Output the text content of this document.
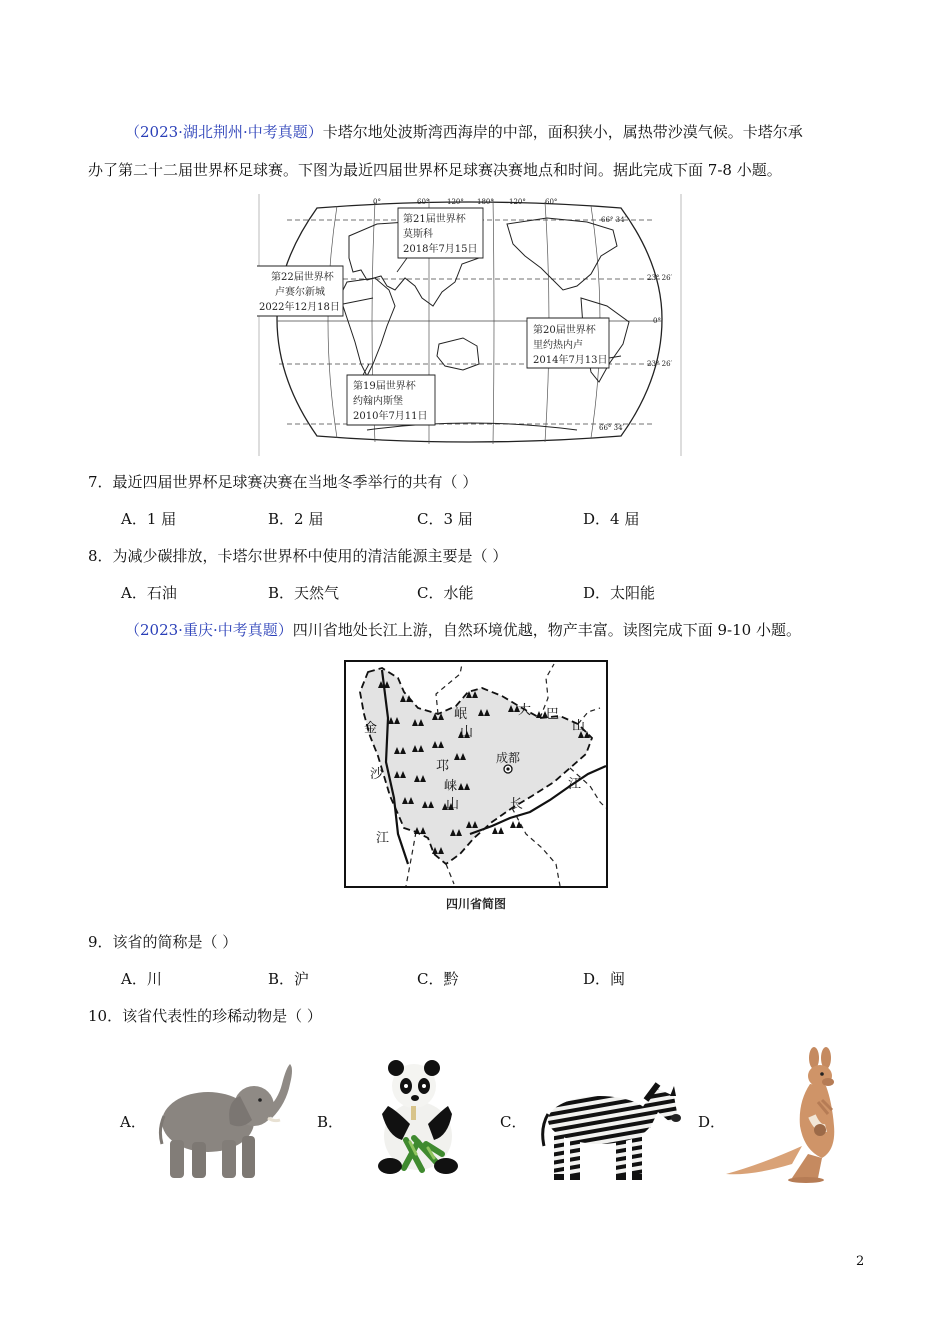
（2023·湖北荆州·中考真题）卡塔尔地处波斯湾西海岸的中部，面积狭小，属热带沙漠气候。卡塔尔承
办了第二十二届世界杯足球赛。下图为最近四届世界杯足球赛决赛地点和时间。据此完成下面 7-8 小题。
0°	60°	120° 180° 120°	60°
66° 34′
23° 26′
0°
23° 26′
66° 34′
第21届世界杯
莫斯科
2018年7月15日
第22届世界杯
卢赛尔新城
2022年12月18日
第20届世界杯
里约热内卢
2014年7月13日
第19届世界杯
约翰内斯堡
2010年7月11日
7．最近四届世界杯足球赛决赛在当地冬季举行的共有（ ）
A．1 届	B．2 届	C．3 届	D．4 届
8．为减少碳排放，卡塔尔世界杯中使用的清洁能源主要是（ ）
A．石油	B．天然气	C．水能	D．太阳能
（2023·重庆·中考真题）四川省地处长江上游，自然环境优越，物产丰富。读图完成下面 9-10 小题。
成都
岷
山
大 巴
山
金
沙
江
邛
崃
山	长
江
四川省简图
9．该省的简称是（ ）
A．川	B．沪	C．黔	D．闽
10．该省代表性的珍稀动物是（ ）
A．	B．	C．	D．
2
